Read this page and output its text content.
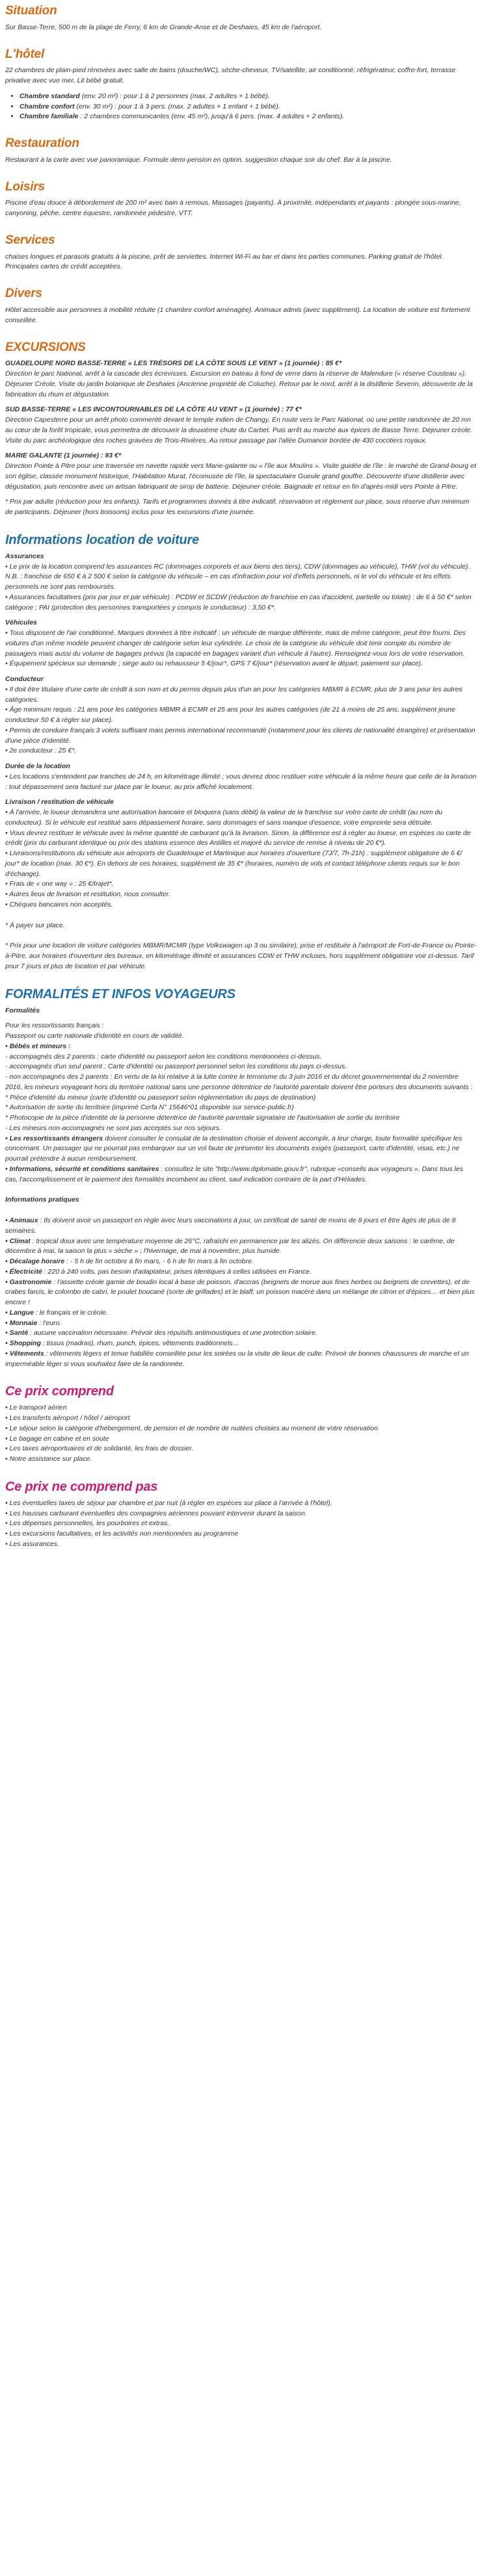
Situation

Sur Basse-Terre, 500 m de la plage de Ferry, 6 km de Grande-Anse et de Deshaies, 45 km de l'aéroport.

L'hôtel

22 chambres de plain-pied rénovées avec salle de bains (douche/WC), sèche-cheveux, TV/satellite, air conditionné, réfrigérateur, coffre-fort, terrasse privative avec vue mer. Lit bébé gratuit.

• Chambre standard (env. 20 m²) : pour 1 à 2 personnes (max. 2 adultes + 1 bébé).
• Chambre confort (env. 30 m²) : pour 1 à 3 pers. (max. 2 adultes + 1 enfant + 1 bébé).
• Chambre familiale : 2 chambres communicantes (env. 45 m²), jusqu'à 6 pers. (max. 4 adultes + 2 enfants).
Restauration

Restaurant à la carte avec vue panoramique. Formule demi-pension en option, suggestion chaque soir du chef. Bar à la piscine.

Loisirs

Piscine d'eau douce à débordement de 200 m² avec bain à remous. Massages (payants). À proximité, indépendants et payants : plongée sous-marine, canyoning, pêche, centre équestre, randonnée pédestre, VTT.

Services

chaises longues et parasols gratuits à la piscine, prêt de serviettes. Internet Wi-Fi au bar et dans les parties communes. Parking gratuit de l'hôtel. Principales cartes de crédit acceptées.

Divers

Hôtel accessible aux personnes à mobilité réduite (1 chambre confort aménagée). Animaux admis (avec supplément). La location de voiture est fortement conseillée.

EXCURSIONS

GUADELOUPE NORD BASSE-TERRE « LES TRÉSORS DE LA CÔTE SOUS LE VENT » (1 journée) : 85 €*
Direction le parc National, arrêt à la cascade des écrevisses. Excursion en bateau à fond de verre dans la réserve de Malendure (« réserve Cousteau »). Déjeuner Créole. Visite du jardin botanique de Deshaies (Ancienne propriété de Coluche). Retour par le nord, arrêt à la distillerie Severin, découverte de la fabrication du rhum et dégustation.

SUD BASSE-TERRE « LES INCONTOURNABLES DE LA CÔTE AU VENT » (1 journée) : 77 €*
Direction Capesterre pour un arrêt photo commenté devant le temple indien de Changy. En route vers le Parc National, où une petite randonnée de 20 mn au cœur de la forêt tropicale, vous permettra de découvrir la deuxième chute du Carbet. Puis arrêt au marché aux épices de Basse Terre. Déjeuner créole. Visite du parc archéologique des roches gravées de Trois-Rivières. Au retour passage par l'allée Dumanoir bordée de 430 cocotiers royaux.

MARIE GALANTE (1 journée) : 93 €*
Direction Pointe à Pitre pour une traversée en navette rapide vers Marie-galante ou « l'île aux Moulins ». Visite guidée de l'île : le marché de Grand-bourg et son église, classée monument historique, l'Habitation Murat, l'écomusée de l'île, la spectaculaire Gueule grand gouffre. Découverte d'une distillerie avec dégustation, puis rencontre avec un artisan fabriquant de sirop de batterie. Déjeuner créole. Baignade et retour en fin d'après-midi vers Pointe à Pitre.

* Prix par adulte (réduction pour les enfants). Tarifs et programmes donnés à titre indicatif, réservation et règlement sur place, sous réserve d'un minimum de participants. Déjeuner (hors boissons) inclus pour les excursions d'une journée.

Informations location de voiture
Assurances
• Le prix de la location comprend les assurances RC (dommages corporels et aux biens des tiers), CDW (dommages au véhicule), THW (vol du véhicule). N.B. : franchise de 650 € à 2 500 € selon la catégorie du véhicule – en cas d'infraction pour vol d'effets personnels, ni le vol du véhicule et les effets personnels ne sont pas remboursés.
• Assurances facultatives (prix par jour et par véhicule) : PCDW et SCDW (réduction de franchise en cas d'accident, partielle ou totale) : de 6 à 50 €* selon catégorie ; PAI (protection des personnes transportées y compris le conducteur) : 3,50 €*.
Véhicules
• Tous disposent de l'air conditionné. Marques données à titre indicatif : un véhicule de marque différente, mais de même catégorie, peut être fourni. Des voitures d'un même modèle peuvent changer de catégorie selon leur cylindrée. Le choix de la catégorie du véhicule doit tenir compte du nombre de passagers mais aussi du volume de bagages prévus (la capacité en bagages variant d'un véhicule à l'autre). Renseignez-vous lors de votre réservation.
• Équipement spécieux sur demande ; siège auto ou rehausseur 5 €/jour*, GPS 7 €/jour* (réservation avant le départ, paiement sur place).
Conducteur
• Il doit être titulaire d'une carte de crédit à son nom et du permis depuis plus d'un an pour les catégories MBMR à ECMR, plus de 3 ans pour les autres catégories.
• Âge minimum requis : 21 ans pour les catégories MBMR à ECMR et 25 ans pour les autres catégories (de 21 à moins de 25 ans, supplément jeune conducteur 50 € à régler sur place).
• Permis de conduire français 3 volets suffisant mais permis international recommandé (notamment pour les clients de nationalité étrangère) et présentation d'une pièce d'identité.
• 2e conducteur : 25 €*.
Durée de la location
• Les locations s'entendent par tranches de 24 h, en kilométrage illimité ; vous devrez donc restituer votre véhicule à la même heure que celle de la livraison : tout dépassement sera facturé sur place par le loueur, au prix affiché localement.
Livraison / restitution de véhicule
• À l'arrivée, le loueur demandera une autorisation bancaire et bloquera (sans débit) la valeur de la franchise sur votre carte de crédit (au nom du conducteur). Si le véhicule est restitué sans dépassement horaire, sans dommages et sans manque d'essence, votre empreinte sera détruite.
• Vous devrez restituer le véhicule avec la même quantité de carburant qu'à la livraison. Sinon, la différence est à régler au loueur, en espèces ou carte de crédit (prix du carburant identique ou prix des stations essence des Antilles et majoré du service de remise à niveau de 20 €*).
• Livraisons/restitutions du véhicule aux aéroports de Guadeloupe et Martinique aux horaires d'ouverture (7J/7, 7h-21h) : supplément obligatoire de 6 €/ jour* de location (max. 30 €*). En dehors de ces horaires, supplément de 35 €* (horaires, numéro de vols et contact téléphone clients requis sur le bon d'échange).
• Frais de « one way » : 25 €/trajet*.
• Autres lieux de livraison et restitution, nous consulter.
• Chèques bancaires non acceptés.

* À payer sur place.

* Prix pour une location de voiture catégories MBMR/MCMR (type Volkswagen up 3 ou similaire), prise et restituée à l'aéroport de Fort-de-France ou Pointe-à-Pitre, aux horaires d'ouverture des bureaux, en kilométrage illimité et assurances CDW et THW incluses, hors supplément obligatoire voir ci-dessus. Tarif pour 7 jours et plus de location et par véhicule.

FORMALITÉS ET INFOS VOYAGEURS
Formalités
Pour les ressortissants français :
Passeport ou carte nationale d'identité en cours de validité.
• Bébés et mineurs :
- accompagnés des 2 parents : carte d'identité ou passeport selon les conditions mentionnées ci-dessus.
- accompagnés d'un seul parent : Carte d'identité ou passeport personnel selon les conditions du pays ci-dessus.
- non accompagnés des 2 parents : En vertu de la loi relative à la lutte contre le terrorisme du 3 juin 2016 et du décret gouvernemental du 2 novembre 2016, les mineurs voyageant hors du territoire national sans une personne détentrice de l'autorité parentale doivent être porteurs des documents suivants :
* Pièce d'identité du mineur (carte d'identité ou passeport selon réglementation du pays de destination)
* Autorisation de sortie du territoire (imprimé Cerfa N° 15646*01 disponible sur service-public.fr)
* Photocopie de la pièce d'identité de la personne détentrice de l'autorité parentale signataire de l'autorisation de sortie du territoire
- Les mineurs non-accompagnés ne sont pas acceptés sur nos séjours.
• Les ressortissants étrangers doivent consulter le consulat de la destination choisie et doivent accomplir, à leur charge, toute formalité spécifique les concernant. Un passager qui ne pourrait pas embarquer sur un vol faute de présenter les documents exigés (passeport, carte d'identité, visas, etc.) ne pourrait prétendre à aucun remboursement.
• Informations, sécurité et conditions sanitaires : consultez le site "http://www.diplomatie.gouv.fr", rubrique «conseils aux voyageurs ». Dans tous les cas, l'accomplissement et le paiement des formalités incombent au client, sauf indication contraire de la part d'Héliades.
Informations pratiques
• Animaux : Ils doivent avoir un passeport en règle avec leurs vaccinations à jour, un certificat de santé de moins de 8 jours et être âgés de plus de 8 semaines.
• Climat : tropical doux avec une température moyenne de 26°C, rafraîchi en permanence par les alizés. On différencie deux saisons : le carême, de décembre à mai, la saison la plus « sèche » ; l'hivernage, de mai à novembre, plus humide.
• Décalage horaire : - 5 h de fin octobre à fin mars, - 6 h de fin mars à fin octobre.
• Électricité : 220 à 240 volts, pas besoin d'adaptateur, prises identiques à celles utilisées en France.
• Gastronomie : l'assiette créole garnie de boudin local à base de poisson, d'accras (beignets de morue aux fines herbes ou beignets de crevettes), et de crabes farcis, le colombo de cabri, le poulet boucané (sorte de grillades) et le blaff, un poisson macéré dans un mélange de citron et d'épices… et bien plus encore !
• Langue : le français et le créole.
• Monnaie : l'euro.
• Santé : aucune vaccination nécessaire. Prévoir des répulsifs antimoustiques et une protection solaire.
• Shopping : tissus (madras), rhum, punch, épices, vêtements traditionnels…
• Vêtements : vêtements légers et tenue habillée conseillée pour les soirées ou la visite de lieux de culte. Prévoir de bonnes chaussures de marche et un imperméable léger si vous souhaitez faire de la randonnée.
Ce prix comprend
• Le transport aérien
• Les transferts aéroport / hôtel / aéroport
• Le séjour selon la catégorie d'hébergement, de pension et de nombre de nuitées choisies au moment de votre réservation
• Le bagage en cabine et en soute
• Les taxes aéroportuaires et de solidarité, les frais de dossier.
• Notre assistance sur place.
Ce prix ne comprend pas
• Les éventuelles taxes de séjour par chambre et par nuit (à régler en espèces sur place à l'arrivée à l'hôtel).
• Les hausses carburant éventuelles des compagnies aériennes pouvant intervenir durant la saison.
• Les dépenses personnelles, les pourboires et extras.
• Les excursions facultatives, et les activités non mentionnées au programme
• Les assurances.
